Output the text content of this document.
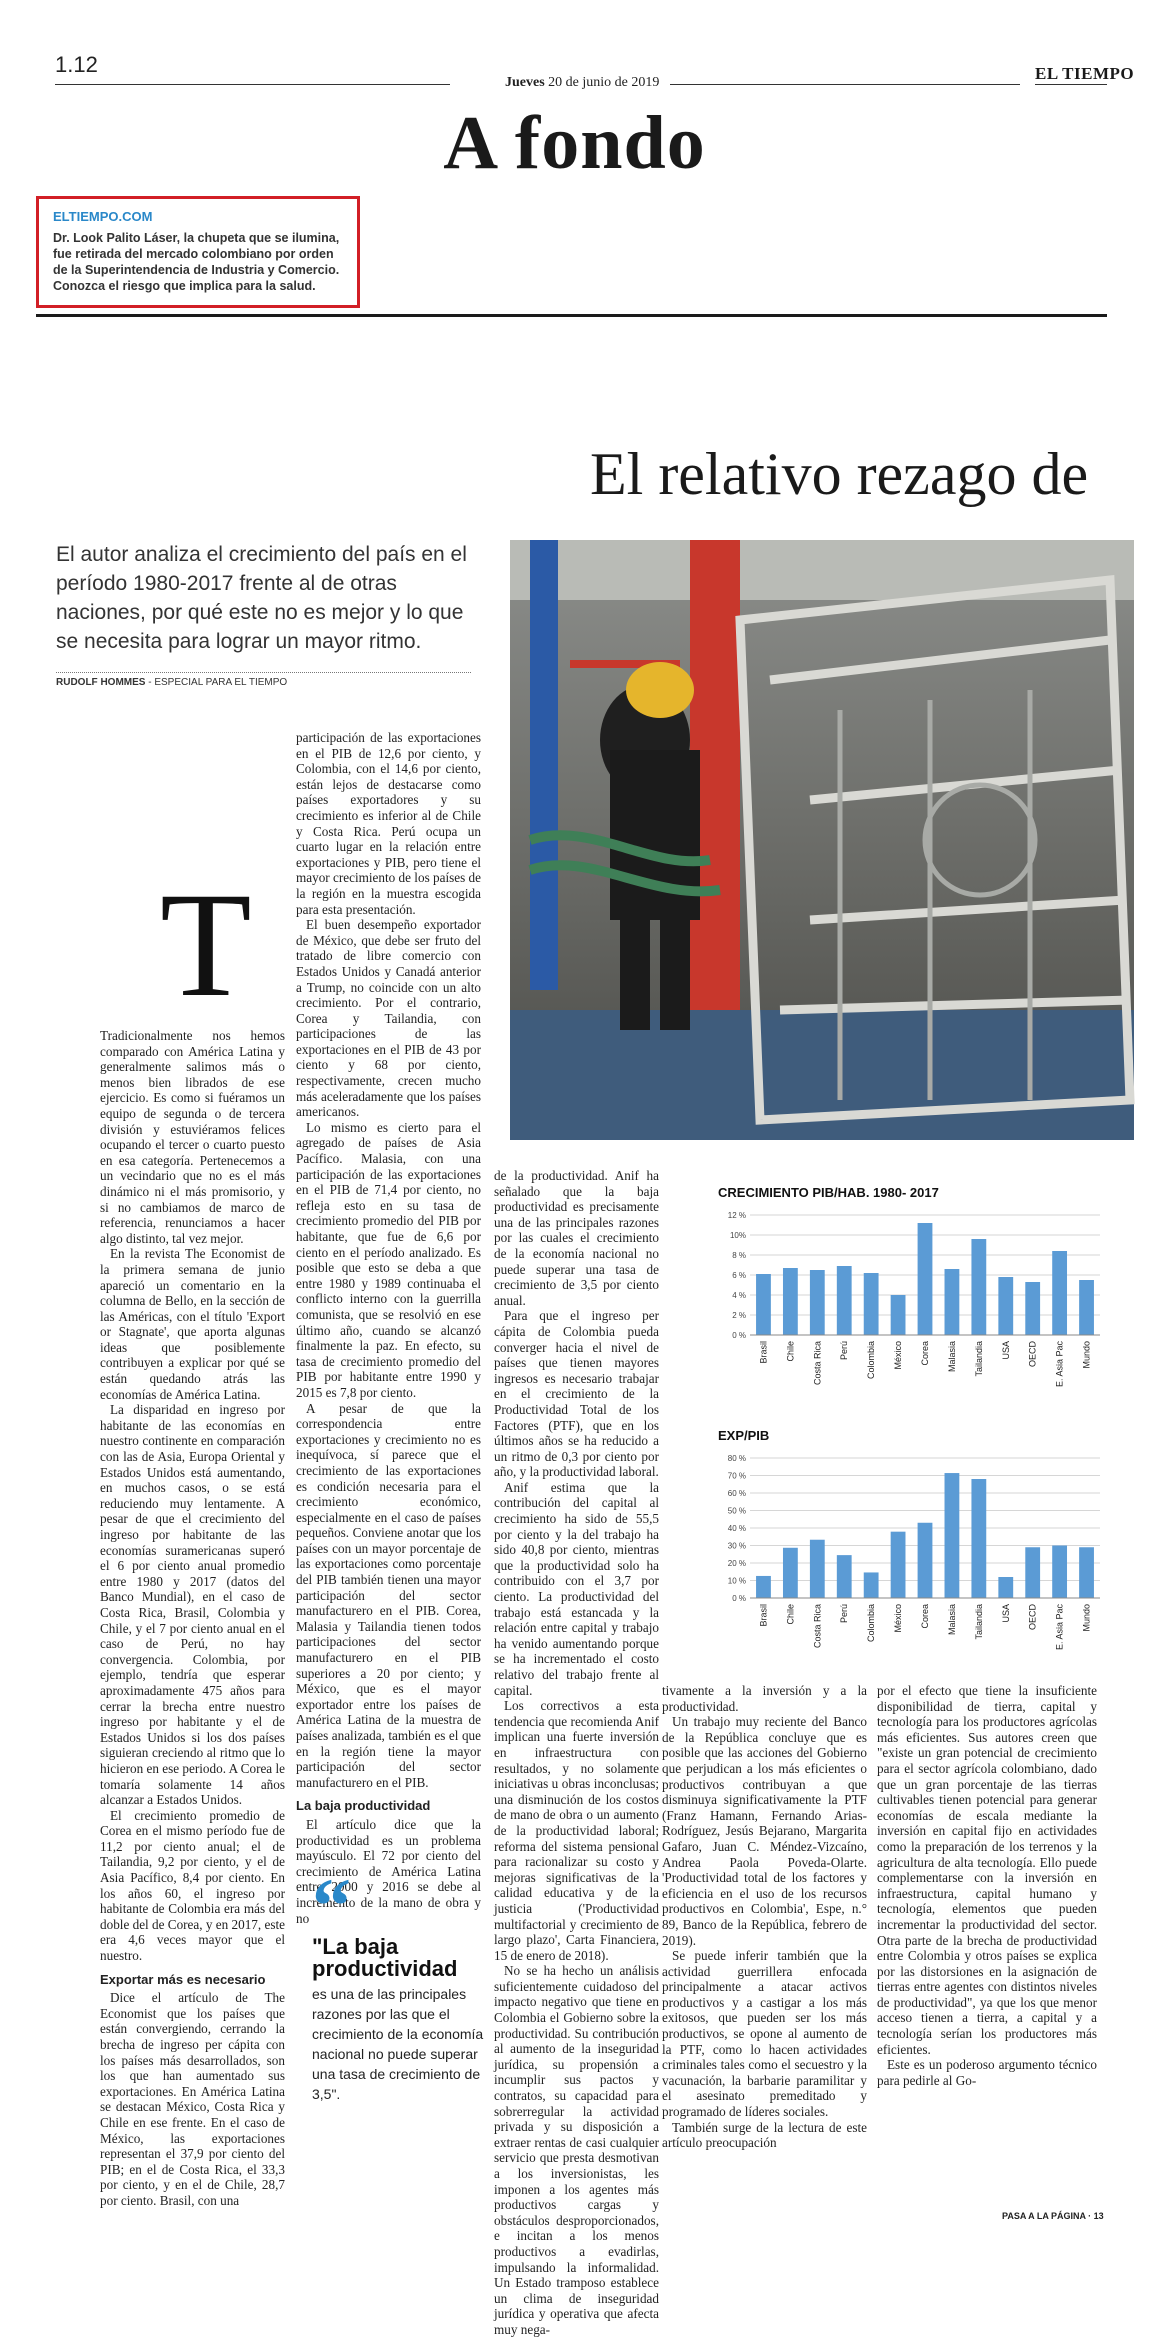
1.12
Jueves 20 de junio de 2019	EL TIEMPO
A fondo
ELTIEMPO.COM
Dr. Look Palito Láser, la chupeta que se ilumina, fue retirada del mercado colombiano por orden de la Superintendencia de Industria y Comercio. Conozca el riesgo que implica para la salud.
El relativo rezago de
El autor analiza el crecimiento del país en el período 1980-2017 frente al de otras naciones, por qué este no es mejor y lo que se necesita para lograr un mayor ritmo.
RUDOLF HOMMES - ESPECIAL PARA EL TIEMPO
T

Tradicionalmente nos hemos comparado con América Latina y generalmente salimos más o menos bien librados de ese ejercicio. Es como si fuéramos un equipo de segunda o de tercera división y estuviéramos felices ocupando el tercer o cuarto puesto en esa categoría. Pertenecemos a un vecindario que no es el más dinámico ni el más promisorio, y si no cambiamos de marco de referencia, renunciamos a hacer algo distinto, tal vez mejor.

En la revista The Economist de la primera semana de junio apareció un comentario en la columna de Bello, en la sección de las Américas, con el título 'Export or Stagnate', que aporta algunas ideas que posiblemente contribuyen a explicar por qué se están quedando atrás las economías de América Latina.

La disparidad en ingreso por habitante de las economías en nuestro continente en comparación con las de Asia, Europa Oriental y Estados Unidos está aumentando, en muchos casos, o se está reduciendo muy lentamente. A pesar de que el crecimiento del ingreso por habitante de las economías suramericanas superó el 6 por ciento anual promedio entre 1980 y 2017 (datos del Banco Mundial), en el caso de Costa Rica, Brasil, Colombia y Chile, y el 7 por ciento anual en el caso de Perú, no hay convergencia. Colombia, por ejemplo, tendría que esperar aproximadamente 475 años para cerrar la brecha entre nuestro ingreso por habitante y el de Estados Unidos si los dos países siguieran creciendo al ritmo que lo hicieron en ese periodo. A Corea le tomaría solamente 14 años alcanzar a Estados Unidos.

El crecimiento promedio de Corea en el mismo período fue de 11,2 por ciento anual; el de Tailandia, 9,2 por ciento, y el de Asia Pacífico, 8,4 por ciento. En los años 60, el ingreso por habitante de Colombia era más del doble del de Corea, y en 2017, este era 4,6 veces mayor que el nuestro.

Exportar más es necesario

Dice el artículo de The Economist que los países que están convergiendo, cerrando la brecha de ingreso per cápita con los países más desarrollados, son los que han aumentado sus exportaciones. En América Latina se destacan México, Costa Rica y Chile en ese frente. En el caso de México, las exportaciones representan el 37,9 por ciento del PIB; en el de Costa Rica, el 33,3 por ciento, y en el de Chile, 28,7 por ciento. Brasil, con una

participación de las exportaciones en el PIB de 12,6 por ciento, y Colombia, con el 14,6 por ciento, están lejos de destacarse como países exportadores y su crecimiento es inferior al de Chile y Costa Rica. Perú ocupa un cuarto lugar en la relación entre exportaciones y PIB, pero tiene el mayor crecimiento de los países de la región en la muestra escogida para esta presentación.

El buen desempeño exportador de México, que debe ser fruto del tratado de libre comercio con Estados Unidos y Canadá anterior a Trump, no coincide con un alto crecimiento. Por el contrario, Corea y Tailandia, con participaciones de las exportaciones en el PIB de 43 por ciento y 68 por ciento, respectivamente, crecen mucho más aceleradamente que los países americanos.

Lo mismo es cierto para el agregado de países de Asia Pacífico. Malasia, con una participación de las exportaciones en el PIB de 71,4 por ciento, no refleja esto en su tasa de crecimiento promedio del PIB por habitante, que fue de 6,6 por ciento en el período analizado. Es posible que esto se deba a que entre 1980 y 1989 continuaba el conflicto interno con la guerrilla comunista, que se resolvió en ese último año, cuando se alcanzó finalmente la paz. En efecto, su tasa de crecimiento promedio del PIB por habitante entre 1990 y 2015 es 7,8 por ciento.

A pesar de que la correspondencia entre exportaciones y crecimiento no es inequívoca, sí parece que el crecimiento de las exportaciones es condición necesaria para el crecimiento económico, especialmente en el caso de países pequeños. Conviene anotar que los países con un mayor porcentaje de las exportaciones como porcentaje del PIB también tienen una mayor participación del sector manufacturero en el PIB. Corea, Malasia y Tailandia tienen todos participaciones del sector manufacturero en el PIB superiores a 20 por ciento; y México, que es el mayor exportador entre los países de América Latina de la muestra de países analizada, también es el que en la región tiene la mayor participación del sector manufacturero en el PIB.

La baja productividad

El artículo dice que la productividad es un problema mayúsculo. El 72 por ciento del crecimiento de América Latina entre 2000 y 2016 se debe al incremento de la mano de obra y no “
"La baja productividad
es una de las principales razones por las que el crecimiento de la economía nacional no puede superar una tasa de crecimiento de 3,5".

de la productividad. Anif ha señalado que la baja productividad es precisamente una de las principales razones por las cuales el crecimiento de la economía nacional no puede superar una tasa de crecimiento de 3,5 por ciento anual.

Para que el ingreso per cápita de Colombia pueda converger hacia el nivel de países que tienen mayores ingresos es necesario trabajar en el crecimiento de la Productividad Total de los Factores (PTF), que en los últimos años se ha reducido a un ritmo de 0,3 por ciento por año, y la productividad laboral.

Anif estima que la contribución del capital al crecimiento ha sido de 55,5 por ciento y la del trabajo ha sido 40,8 por ciento, mientras que la productividad solo ha contribuido con el 3,7 por ciento. La productividad del trabajo está estancada y la relación entre capital y trabajo ha venido aumentando porque se ha incrementado el costo relativo del trabajo frente al capital.

Los correctivos a esta tendencia que recomienda Anif implican una fuerte inversión en infraestructura con resultados, y no solamente iniciativas u obras inconclusas; una disminución de los costos de mano de obra o un aumento de la productividad laboral; reforma del sistema pensional para racionalizar su costo y mejoras significativas de la calidad educativa y de la justicia ('Productividad multifactorial y crecimiento de largo plazo', Carta Financiera, 15 de enero de 2018).

No se ha hecho un análisis suficientemente cuidadoso del impacto negativo que tiene en Colombia el Gobierno sobre la productividad. Su contribución al aumento de la inseguridad jurídica, su propensión a incumplir sus pactos y contratos, su capacidad para sobrerregular la actividad privada y su disposición a extraer rentas de casi cualquier servicio que presta desmotivan a los inversionistas, les imponen a los agentes más productivos cargas y obstáculos desproporcionados, e incitan a los menos productivos a evadirlas, impulsando la informalidad. Un Estado tramposo establece un clima de inseguridad jurídica y operativa que afecta muy nega-

tivamente a la inversión y a la productividad.

Un trabajo muy reciente del Banco de la República concluye que es posible que las acciones del Gobierno que perjudican a los más eficientes o productivos contribuyan a que disminuya significativamente la PTF (Franz Hamann, Fernando Arias-Rodríguez, Jesús Bejarano, Margarita Gafaro, Juan C. Méndez-Vizcaíno, Andrea Paola Poveda-Olarte. 'Productividad total de los factores y eficiencia en el uso de los recursos productivos en Colombia', Espe, n.° 89, Banco de la República, febrero de 2019).

Se puede inferir también que la actividad guerrillera enfocada principalmente a atacar activos productivos y a castigar a los más exitosos, que pueden ser los más productivos, se opone al aumento de la PTF, como lo hacen actividades criminales tales como el secuestro y la vacunación, la barbarie paramilitar y el asesinato premeditado y programado de líderes sociales.

También surge de la lectura de este artículo preocupación

por el efecto que tiene la insuficiente disponibilidad de tierra, capital y tecnología para los productores agrícolas más eficientes. Sus autores creen que "existe un gran potencial de crecimiento para el sector agrícola colombiano, dado que un gran porcentaje de las tierras cultivables tienen potencial para generar economías de escala mediante la inversión en capital fijo en actividades como la preparación de los terrenos y la agricultura de alta tecnología. Ello puede complementarse con la inversión en infraestructura, capital humano y tecnología, elementos que pueden incrementar la productividad del sector. Otra parte de la brecha de productividad entre Colombia y otros países se explica por las distorsiones en la asignación de tierras entre agentes con distintos niveles de productividad", ya que los que menor acceso tienen a tierra, a capital y a tecnología serían los productores más eficientes.

Este es un poderoso argumento técnico para pedirle al Go-

PASA A LA PÁGINA · 13
CRECIMIENTO PIB/HAB. 1980- 2017
0 %
2 %
4 %
6 %
8 %
10%
12 %
Brasil Chile Costa Rica Perú Colombia México Corea Malasia Tailandia USA OECD E. Asia Pac Mundo
EXP/PIB
0 %
10 %
20 %
30 %
40 %
50 %
60 %
70 %
80 %
Brasil Chile Costa Rica Perú Colombia México Corea Malasia Tailandia USA OECD E. Asia Pac Mundo
